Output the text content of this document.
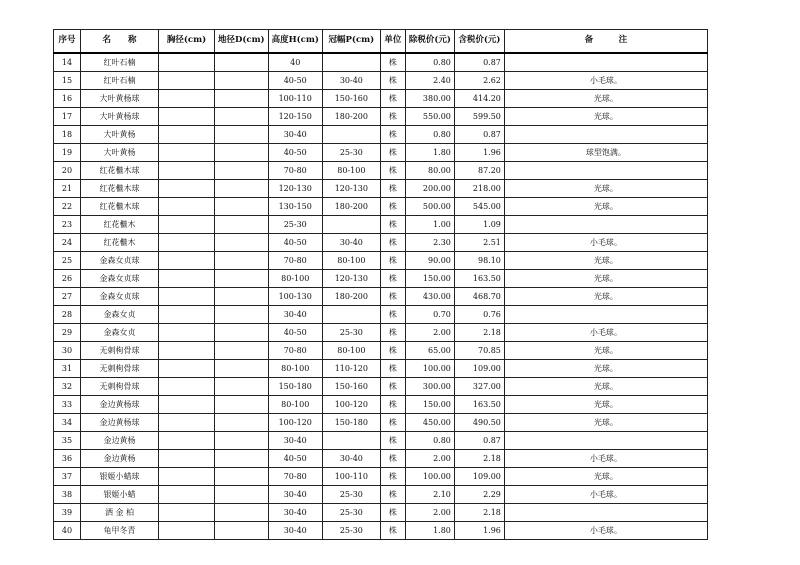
序号	名　　称	胸径(cm)	地径D(cm)	高度H(cm)	冠幅P(cm)	单位	除税价(元)	含税价(元)	备　　　注
14	红叶石楠			40		株	0.80	0.87	
15	红叶石楠			40-50	30-40	株	2.40	2.62	小毛球。
16	大叶黄杨球			100-110	150-160	株	380.00	414.20	光球。
17	大叶黄杨球			120-150	180-200	株	550.00	599.50	光球。
18	大叶黄杨			30-40		株	0.80	0.87	
19	大叶黄杨			40-50	25-30	株	1.80	1.96	球型饱满。
20	红花檵木球			70-80	80-100	株	80.00	87.20	
21	红花檵木球			120-130	120-130	株	200.00	218.00	光球。
22	红花檵木球			130-150	180-200	株	500.00	545.00	光球。
23	红花檵木			25-30		株	1.00	1.09	
24	红花檵木			40-50	30-40	株	2.30	2.51	小毛球。
25	金森女贞球			70-80	80-100	株	90.00	98.10	光球。
26	金森女贞球			80-100	120-130	株	150.00	163.50	光球。
27	金森女贞球			100-130	180-200	株	430.00	468.70	光球。
28	金森女贞			30-40		株	0.70	0.76	
29	金森女贞			40-50	25-30	株	2.00	2.18	小毛球。
30	无刺枸骨球			70-80	80-100	株	65.00	70.85	光球。
31	无刺枸骨球			80-100	110-120	株	100.00	109.00	光球。
32	无刺枸骨球			150-180	150-160	株	300.00	327.00	光球。
33	金边黄杨球			80-100	100-120	株	150.00	163.50	光球。
34	金边黄杨球			100-120	150-180	株	450.00	490.50	光球。
35	金边黄杨			30-40		株	0.80	0.87	
36	金边黄杨			40-50	30-40	株	2.00	2.18	小毛球。
37	银姬小蜡球			70-80	100-110	株	100.00	109.00	光球。
38	银姬小蜡			30-40	25-30	株	2.10	2.29	小毛球。
39	洒 金 柏			30-40	25-30	株	2.00	2.18	
40	龟甲冬青			30-40	25-30	株	1.80	1.96	小毛球。
